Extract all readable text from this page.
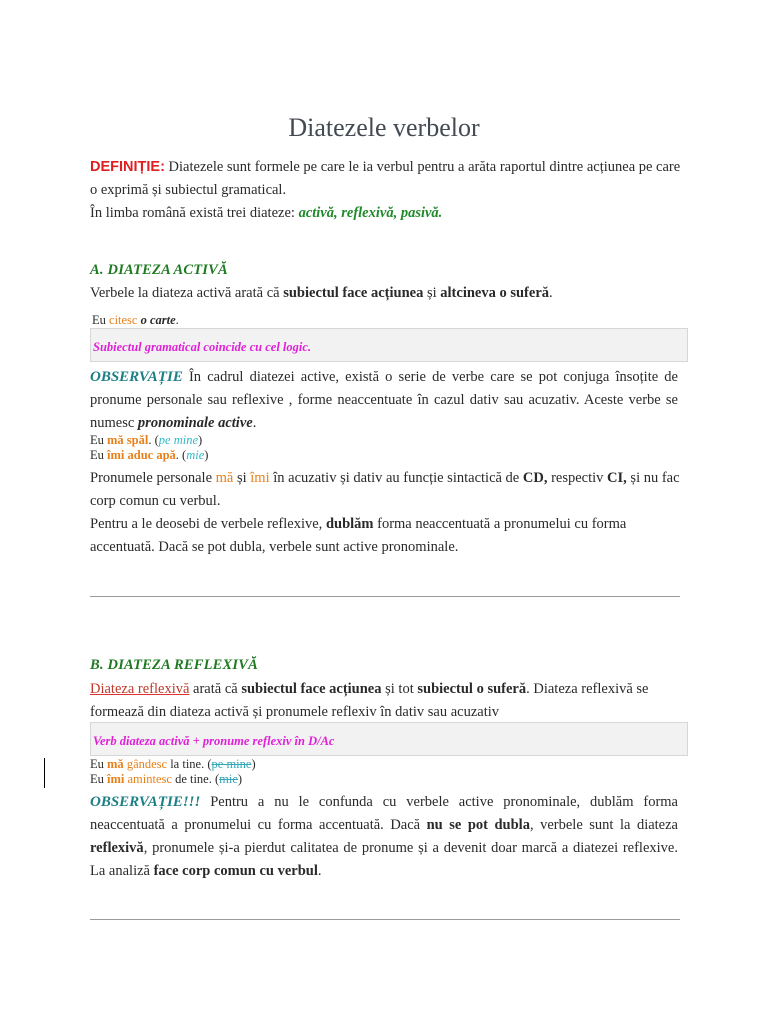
Diatezele verbelor
DEFINIȚIE: Diatezele sunt formele pe care le ia verbul pentru a arăta raportul dintre acțiunea pe care o exprimă și subiectul gramatical.
În limba română există trei diateze: activă, reflexivă, pasivă.
A. DIATEZA ACTIVĂ
Verbele la diateza activă arată că subiectul face acțiunea și altcineva o suferă.
Eu citesc o carte.
$_{Subiectul gramatical coincide cu cel logic.}$
OBSERVAȚIE În cadrul diatezei active, există o serie de verbe care se pot conjuga însoțite de pronume personale sau reflexive , forme neaccentuate în cazul dativ sau acuzativ. Aceste verbe se numesc pronominale active.
Eu mă spăl. (pe mine)
Eu îmi aduc apă. (mie)
Pronumele personale mă și îmi în acuzativ și dativ au funcție sintactică de CD, respectiv CI, și nu fac corp comun cu verbul.
Pentru a le deosebi de verbele reflexive, dublăm forma neaccentuată a pronumelui cu forma accentuată. Dacă se pot dubla, verbele sunt active pronominale.
B. DIATEZA REFLEXIVĂ
Diateza reflexivă arată că subiectul face acțiunea și tot subiectul o suferă. Diateza reflexivă se formează din diateza activă și pronumele reflexiv în dativ sau acuzativ
$_{Verb diateza activă + pronume reflexiv în D/Ac}$
Eu mă gândesc la tine. (pe mine)
Eu îmi amintesc de tine. (mie)
OBSERVAȚIE!!! Pentru a nu le confunda cu verbele active pronominale, dublăm forma neaccentuată a pronumelui cu forma accentuată. Dacă nu se pot dubla, verbele sunt la diateza reflexivă, pronumele și-a pierdut calitatea de pronume și a devenit doar marcă a diatezei reflexive. La analiză face corp comun cu verbul.
